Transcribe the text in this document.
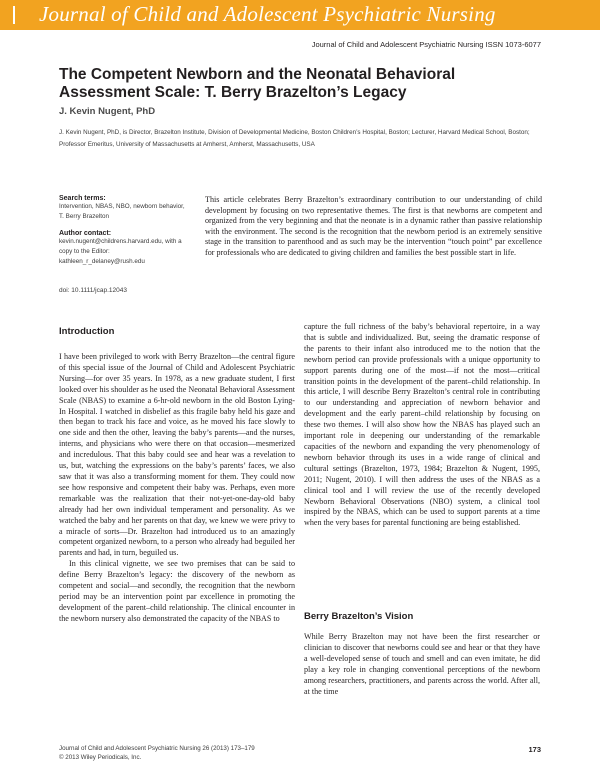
Journal of Child and Adolescent Psychiatric Nursing
Journal of Child and Adolescent Psychiatric Nursing ISSN 1073-6077
The Competent Newborn and the Neonatal Behavioral Assessment Scale: T. Berry Brazelton’s Legacy
J. Kevin Nugent, PhD
J. Kevin Nugent, PhD, is Director, Brazelton Institute, Division of Developmental Medicine, Boston Children’s Hospital, Boston; Lecturer, Harvard Medical School, Boston; Professor Emeritus, University of Massachusetts at Amherst, Amherst, Massachusetts, USA
Search terms:
Intervention, NBAS, NBO, newborn behavior, T. Berry Brazelton
Author contact:
kevin.nugent@childrens.harvard.edu, with a copy to the Editor: kathleen_r_delaney@rush.edu
doi: 10.1111/jcap.12043
This article celebrates Berry Brazelton’s extraordinary contribution to our understanding of child development by focusing on two representative themes. The first is that newborns are competent and organized from the very beginning and that the neonate is in a dynamic rather than passive relationship with the environment. The second is the recognition that the newborn period is an extremely sensitive stage in the transition to parenthood and as such may be the intervention “touch point” par excellence for professionals who are dedicated to giving children and families the best possible start in life.
Introduction

I have been privileged to work with Berry Brazelton—the central figure of this special issue of the Journal of Child and Adolescent Psychiatric Nursing—for over 35 years. In 1978, as a new graduate student, I first looked over his shoulder as he used the Neonatal Behavioral Assessment Scale (NBAS) to examine a 6-hr-old newborn in the old Boston Lying-In Hospital. I watched in disbelief as this fragile baby held his gaze and then began to track his face and voice, as he moved his face slowly to one side and then the other, leaving the baby’s parents—and the nurses, interns, and physicians who were there on that occasion—mesmerized and incredulous. That this baby could see and hear was a revelation to us, but, watching the expressions on the baby’s parents’ faces, we also saw that it was also a transforming moment for them. They could now see how responsive and competent their baby was. Perhaps, even more remarkable was the realization that their not-yet-one-day-old baby already had her own individual temperament and personality. As we watched the baby and her parents on that day, we knew we were privy to a miracle of sorts—Dr. Brazelton had introduced us to an amazingly competent organized newborn, to a person who already had beguiled her parents and had, in turn, beguiled us.

In this clinical vignette, we see two premises that can be said to define Berry Brazelton’s legacy: the discovery of the newborn as competent and social—and secondly, the recognition that the newborn period may be an intervention point par excellence in promoting the development of the parent–child relationship. The clinical encounter in the newborn nursery also demonstrated the capacity of the NBAS to

capture the full richness of the baby’s behavioral repertoire, in a way that is subtle and individualized. But, seeing the dramatic response of the parents to their infant also introduced me to the notion that the newborn period can provide professionals with a unique opportunity to support parents during one of the most—if not the most—critical transition points in the development of the parent–child relationship. In this article, I will describe Berry Brazelton’s central role in contributing to our understanding and appreciation of newborn behavior and development and the early parent–child relationship by focusing on these two themes. I will also show how the NBAS has played such an important role in deepening our understanding of the remarkable capacities of the newborn and expanding the very phenomenology of newborn behavior through its uses in a wide range of clinical and cultural settings (Brazelton, 1973, 1984; Brazelton & Nugent, 1995, 2011; Nugent, 2010). I will then address the uses of the NBAS as a clinical tool and I will review the use of the recently developed Newborn Behavioral Observations (NBO) system, a clinical tool inspired by the NBAS, which can be used to support parents at a time when the very bases for parental functioning are being established.

Berry Brazelton’s Vision

While Berry Brazelton may not have been the first researcher or clinician to discover that newborns could see and hear or that they have a well-developed sense of touch and smell and can even imitate, he did play a key role in changing conventional perceptions of the newborn among researchers, practitioners, and parents across the world. After all, at the time

Journal of Child and Adolescent Psychiatric Nursing 26 (2013) 173–179
© 2013 Wiley Periodicals, Inc.
173
